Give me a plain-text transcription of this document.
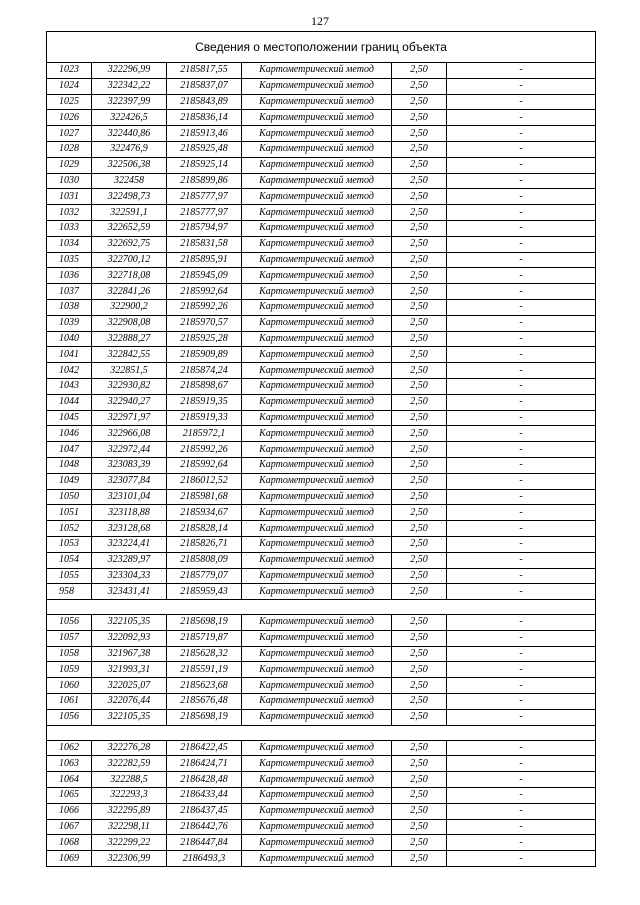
127
Сведения о местоположении границ объекта					
1023	322296,99	2185817,55	Картометрический метод	2,50	-
1024	322342,22	2185837,07	Картометрический метод	2,50	-
1025	322397,99	2185843,89	Картометрический метод	2,50	-
1026	322426,5	2185836,14	Картометрический метод	2,50	-
1027	322440,86	2185913,46	Картометрический метод	2,50	-
1028	322476,9	2185925,48	Картометрический метод	2,50	-
1029	322506,38	2185925,14	Картометрический метод	2,50	-
1030	322458	2185899,86	Картометрический метод	2,50	-
1031	322498,73	2185777,97	Картометрический метод	2,50	-
1032	322591,1	2185777,97	Картометрический метод	2,50	-
1033	322652,59	2185794,97	Картометрический метод	2,50	-
1034	322692,75	2185831,58	Картометрический метод	2,50	-
1035	322700,12	2185895,91	Картометрический метод	2,50	-
1036	322718,08	2185945,09	Картометрический метод	2,50	-
1037	322841,26	2185992,64	Картометрический метод	2,50	-
1038	322900,2	2185992,26	Картометрический метод	2,50	-
1039	322908,08	2185970,57	Картометрический метод	2,50	-
1040	322888,27	2185925,28	Картометрический метод	2,50	-
1041	322842,55	2185909,89	Картометрический метод	2,50	-
1042	322851,5	2185874,24	Картометрический метод	2,50	-
1043	322930,82	2185898,67	Картометрический метод	2,50	-
1044	322940,27	2185919,35	Картометрический метод	2,50	-
1045	322971,97	2185919,33	Картометрический метод	2,50	-
1046	322966,08	2185972,1	Картометрический метод	2,50	-
1047	322972,44	2185992,26	Картометрический метод	2,50	-
1048	323083,39	2185992,64	Картометрический метод	2,50	-
1049	323077,84	2186012,52	Картометрический метод	2,50	-
1050	323101,04	2185981,68	Картометрический метод	2,50	-
1051	323118,88	2185934,67	Картометрический метод	2,50	-
1052	323128,68	2185828,14	Картометрический метод	2,50	-
1053	323224,41	2185826,71	Картометрический метод	2,50	-
1054	323289,97	2185808,09	Картометрический метод	2,50	-
1055	323304,33	2185779,07	Картометрический метод	2,50	-
958	323431,41	2185959,43	Картометрический метод	2,50	-

1056	322105,35	2185698,19	Картометрический метод	2,50	-
1057	322092,93	2185719,87	Картометрический метод	2,50	-
1058	321967,38	2185628,32	Картометрический метод	2,50	-
1059	321993,31	2185591,19	Картометрический метод	2,50	-
1060	322025,07	2185623,68	Картометрический метод	2,50	-
1061	322076,44	2185676,48	Картометрический метод	2,50	-
1056	322105,35	2185698,19	Картометрический метод	2,50	-

1062	322276,28	2186422,45	Картометрический метод	2,50	-
1063	322282,59	2186424,71	Картометрический метод	2,50	-
1064	322288,5	2186428,48	Картометрический метод	2,50	-
1065	322293,3	2186433,44	Картометрический метод	2,50	-
1066	322295,89	2186437,45	Картометрический метод	2,50	-
1067	322298,11	2186442,76	Картометрический метод	2,50	-
1068	322299,22	2186447,84	Картометрический метод	2,50	-
1069	322306,99	2186493,3	Картометрический метод	2,50	-
